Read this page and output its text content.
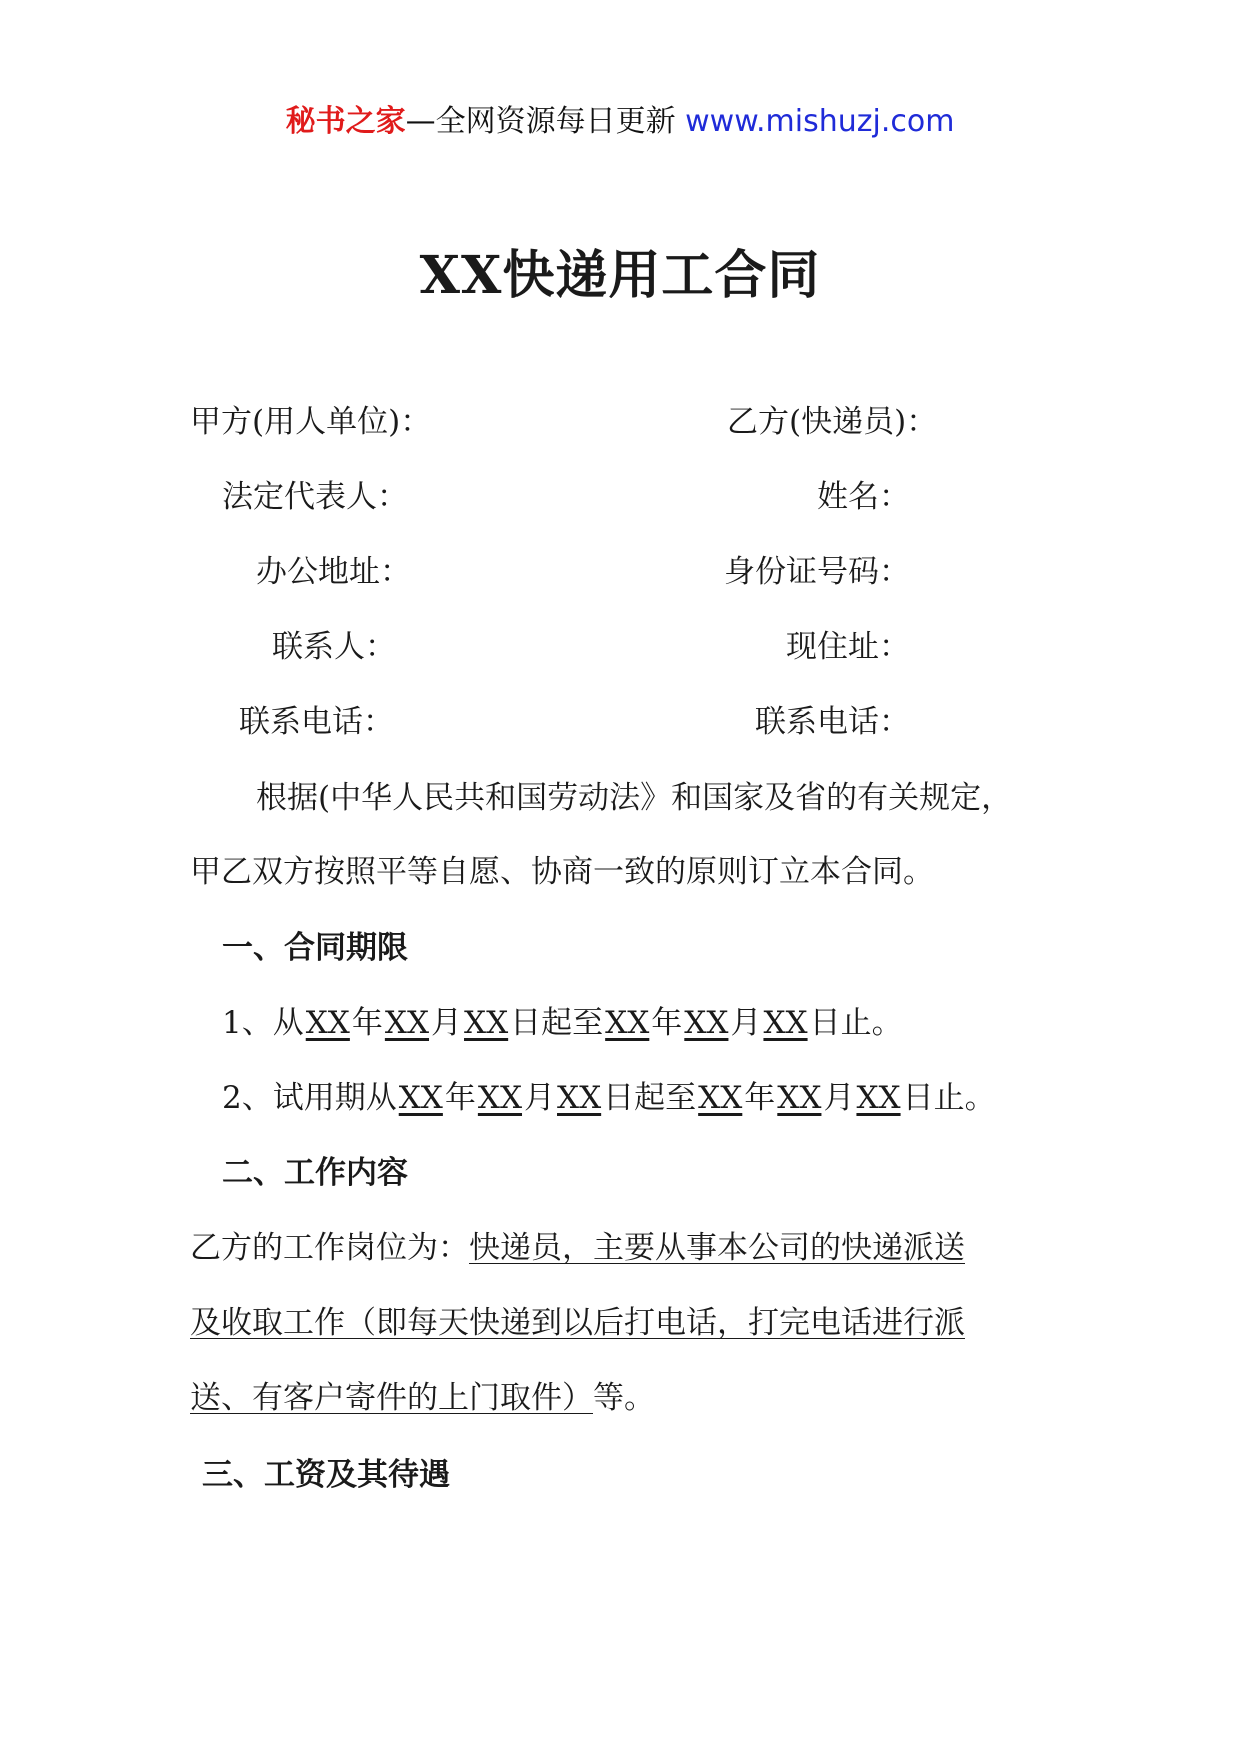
秘书之家—全网资源每日更新 www.mishuzj.com
XX快递用工合同
甲方(用人单位)：
法定代表人：
办公地址：
联系人：
联系电话：
乙方(快递员)：
姓名：
身份证号码：
现住址：
联系电话：
根据(中华人民共和国劳动法》和国家及省的有关规定，
甲乙双方按照平等自愿、协商一致的原则订立本合同。
一、合同期限
1、从XX年XX月XX日起至XX年XX月XX日止。
2、试用期从XX年XX月XX日起至XX年XX月XX日止。
二、工作内容
乙方的工作岗位为：快递员，主要从事本公司的快递派送
及收取工作（即每天快递到以后打电话，打完电话进行派
送、有客户寄件的上门取件）等。
三、工资及其待遇
